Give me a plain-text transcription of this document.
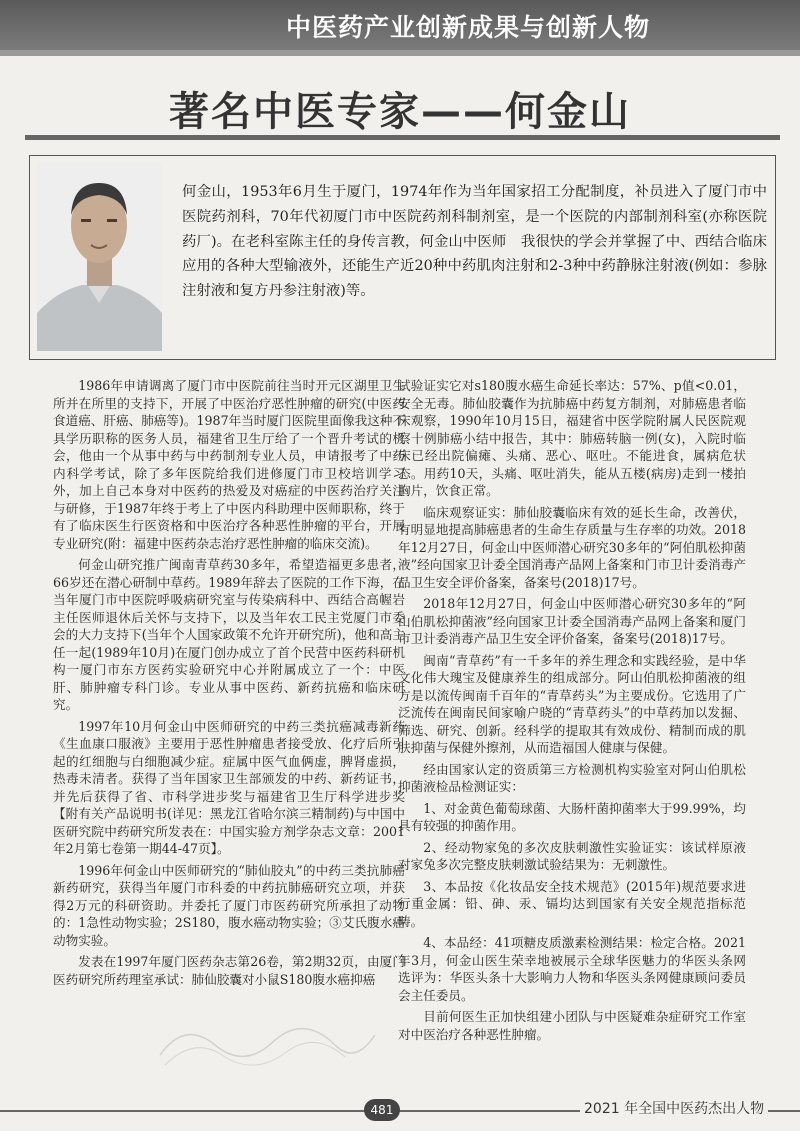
中医药产业创新成果与创新人物
著名中医专家——何金山

何金山，1953年6月生于厦门，1974年作为当年国家招工分配制度，补员进入了厦门市中医院药剂科，70年代初厦门市中医院药剂科制剂室，是一个医院的内部制剂科室(亦称医院药厂)。在老科室陈主任的身传言教，何金山中医师　我很快的学会并掌握了中、西结合临床应用的各种大型输液外，还能生产近20种中药肌肉注射和2-3种中药静脉注射液(例如：参脉注射液和复方丹参注射液)等。

1986年申请调离了厦门市中医院前往当时开元区湖里卫生所并在所里的支持下，开展了中医治疗恶性肿瘤的研究(中医药食道癌、肝癌、肺癌等)。1987年当时厦门医院里面像我这种不具学历职称的医务人员，福建省卫生厅给了一个晋升考试的机会，他由一个从事中药与中药制剂专业人员，申请报考了中药内科学考试，除了多年医院给我们进修厦门市卫校培训学习外，加上自己本身对中医药的热爱及对癌症的中医药治疗关注与研修，于1987年终于考上了中医内科助理中医师职称，终于有了临床医生行医资格和中医治疗各种恶性肿瘤的平台，开展专业研究(附：福建中医药杂志治疗恶性肿瘤的临床交流)。

何金山研究推广闽南青草药30多年，希望造福更多患者，66岁还在潜心研制中草药。1989年辞去了医院的工作下海，在当年厦门市中医院呼吸病研究室与传染病科中、西结合高幄岩主任医师退休后关怀与支持下，以及当年农工民主党厦门市委会的大力支持下(当年个人国家政策不允许开研究所)，他和高主任一起(1989年10月)在厦门创办成立了首个民营中医药科研机构一厦门市东方医药实验研究中心并附属成立了一个：中医肝、肺肿瘤专科门诊。专业从事中医药、新药抗癌和临床研究。

1997年10月何金山中医师研究的中药三类抗癌减毒新药《生血康口服液》主要用于恶性肿瘤患者接受放、化疗后所引起的红细胞与白细胞减少症。症属中医气血俩虚，脾肾虚损，热毒未清者。获得了当年国家卫生部颁发的中药、新药证书，并先后获得了省、市科学进步奖与福建省卫生厅科学进步奖【附有关产品说明书(详见：黑龙江省哈尔滨三精制药)与中国中医研究院中药研究所发表在：中国实验方剂学杂志文章：2001年2月第七卷第一期44-47页】。

1996年何金山中医师研究的“肺仙胶丸”的中药三类抗肺癌新药研究，获得当年厦门市科委的中药抗肺癌研究立项，并获得2万元的科研资助。并委托了厦门市医药研究所承担了动物的：1急性动物实验；2S180，腹水癌动物实验；③艾氏腹水癌动物实验。

发表在1997年厦门医药杂志第26卷，第2期32页，由厦门医药研究所药理室承试：肺仙胶囊对小鼠S180腹水癌抑癌

试验证实它对s180腹水癌生命延长率达：57%、p值<0.01，安全无毒。肺仙胶囊作为抗肺癌中药复方制剂，对肺癌患者临床观察，1990年10月15日，福建省中医学院附属人民医院观察十例肺癌小结中报告，其中：肺癌转脑一例(女)，入院时临床已经出院偏瘫、头痛、恶心、呕吐。不能进食，属病危状态。用药10天，头痛、呕吐消失，能从五楼(病房)走到一楼拍胸片，饮食正常。

临床观察证实：肺仙胶囊临床有效的延长生命，改善伏，有明显地提高肺癌患者的生命生存质量与生存率的功效。2018年12月27日，何金山中医师潜心研究30多年的“阿伯肌松抑菌液”经向国家卫计委全国消毒产品网上备案和门市卫计委消毒产品卫生安全评价备案，备案号(2018)17号。

2018年12月27日，何金山中医师潜心研究30多年的“阿山伯肌松抑菌液”经向国家卫计委全国消毒产品网上备案和厦门市卫计委消毒产品卫生安全评价备案，备案号(2018)17号。

闽南“青草药”有一千多年的养生理念和实践经验，是中华文化伟大瑰宝及健康养生的组成部分。阿山伯肌松抑菌液的组方是以流传闽南千百年的“青草药头”为主要成份。它选用了广泛流传在闽南民间家喻户晓的“青草药头”的中草药加以发掘、筛选、研究、创新。经科学的提取其有效成份、精制而成的肌肤抑菌与保健外擦剂，从而造福国人健康与保健。

经由国家认定的资质第三方检测机构实验室对阿山伯肌松抑菌液检品检测证实：

1、对金黄色葡萄球菌、大肠杆菌抑菌率大于99.99%，均具有较强的抑菌作用。

2、经动物家兔的多次皮肤刺激性实验证实：该试样原液对家兔多次完整皮肤刺激试验结果为：无刺激性。

3、本品按《化妆品安全技术规范》(2015年)规范要求进行重金属：铅、砷、汞、镉均达到国家有关安全规范指标范畴。

4、本品经：41项糖皮质激素检测结果：检定合格。2021年3月，何金山医生荣幸地被展示全球华医魅力的华医头条网选评为：华医头条十大影响力人物和华医头条网健康顾问委员会主任委员。

目前何医生正加快组建小团队与中医疑难杂症研究工作室对中医治疗各种恶性肿瘤。

481	2021 年全国中医药杰出人物
